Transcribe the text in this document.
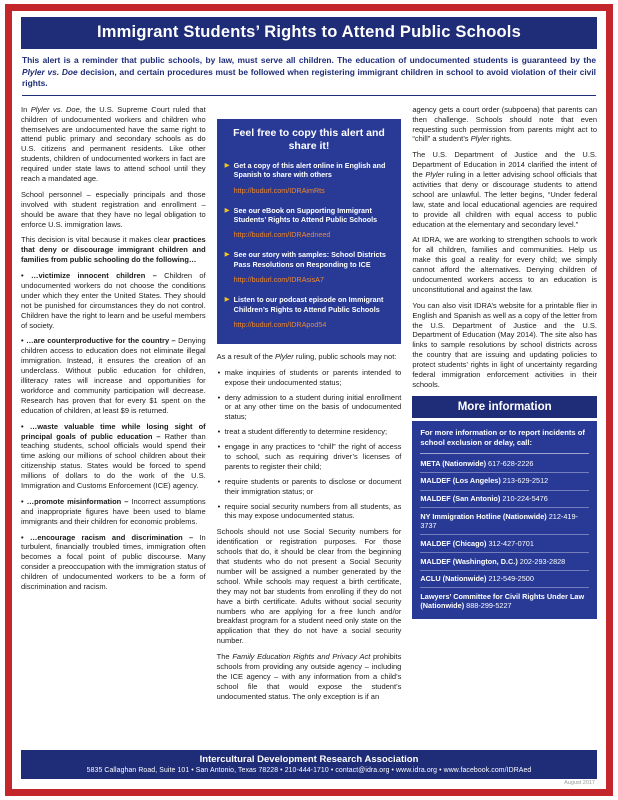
Immigrant Students’ Rights to Attend Public Schools

This alert is a reminder that public schools, by law, must serve all children. The education of undocumented students is guaranteed by the Plyler vs. Doe decision, and certain procedures must be followed when registering immigrant children in school to avoid violation of their civil rights.

In Plyler vs. Doe, the U.S. Supreme Court ruled that children of undocumented workers and children who themselves are undocumented have the same right to attend public primary and secondary schools as do U.S. citizens and permanent residents. Like other students, children of undocumented workers in fact are required under state laws to attend school until they reach a mandated age.

School personnel – especially principals and those involved with student registration and enrollment – should be aware that they have no legal obligation to enforce U.S. immigration laws.

This decision is vital because it makes clear practices that deny or discourage immigrant children and families from public schooling do the following…

• …victimize innocent children – Children of undocumented workers do not choose the conditions under which they enter the United States. They should not be punished for circumstances they do not control. Children have the right to learn and be useful members of society.

• …are counterproductive for the country – Denying children access to education does not eliminate illegal immigration. Instead, it ensures the creation of an underclass. Without public education for children, illiteracy rates will increase and opportunities for workforce and community participation will decrease. Research has proven that for every $1 spent on the education of children, at least $9 is returned.

• …waste valuable time while losing sight of principal goals of public education – Rather than teaching students, school officials would spend their time asking our millions of school children about their citizenship status. States would be forced to spend millions of dollars to do the work of the U.S. Immigration and Customs Enforcement (ICE) agency.

• …promote misinformation – Incorrect assumptions and inappropriate figures have been used to blame immigrants and their children for economic problems.

• …encourage racism and discrimination – In turbulent, financially troubled times, immigration often becomes a focal point of public discourse. Many consider a preoccupation with the immigration status of children of undocumented workers to be a form of discrimination and racism.

Feel free to copy this alert and share it!
▶ Get a copy of this alert online in English and Spanish to share with others
http://budurl.com/IDRAimRts
▶ See our eBook on Supporting Immigrant Students’ Rights to Attend Public Schools
http://budurl.com/IDRAedneed
▶ See our story with samples: School Districts Pass Resolutions on Responding to ICE
http://budurl.com/IDRAsisA7
▶ Listen to our podcast episode on Immigrant Children’s Rights to Attend Public Schools
http://budurl.com/IDRApod54

As a result of the Plyler ruling, public schools may not:

• make inquiries of students or parents intended to expose their undocumented status;
• deny admission to a student during initial enrollment or at any other time on the basis of undocumented status;
• treat a student differently to determine residency;
• engage in any practices to “chill” the right of access to school, such as requiring driver’s licenses of parents to register their child;
• require students or parents to disclose or document their immigration status; or
• require social security numbers from all students, as this may expose undocumented status.

Schools should not use Social Security numbers for identification or registration purposes. For those schools that do, it should be clear from the beginning that students who do not present a Social Security number will be assigned a number generated by the school. While schools may request a birth certificate, they may not bar students from enrolling if they do not have a birth certificate. Adults without social security numbers who are applying for a free lunch and/or breakfast program for a student need only state on the application that they do not have a social security number.

The Family Education Rights and Privacy Act prohibits schools from providing any outside agency – including the ICE agency – with any information from a child’s school file that would expose the student’s undocumented status. The only exception is if an

agency gets a court order (subpoena) that parents can then challenge. Schools should note that even requesting such permission from parents might act to “chill” a student’s Plyler rights.

The U.S. Department of Justice and the U.S. Department of Education in 2014 clarified the intent of the Plyler ruling in a letter advising school officials that activities that deny or discourage students to attend school are unlawful. The letter begins, “Under federal law, state and local educational agencies are required to provide all children with equal access to public education at the elementary and secondary level.”

At IDRA, we are working to strengthen schools to work for all children, families and communities. Help us make this goal a reality for every child; we simply cannot afford the alternatives. Denying children of undocumented workers access to an education is unconstitutional and against the law.

You can also visit IDRA’s website for a printable flier in English and Spanish as well as a copy of the letter from the U.S. Department of Justice and the U.S. Department of Education (May 2014). The site also has links to sample resolutions by school districts across the country that are issuing and updating policies to protect students’ rights in light of uncertainty regarding federal immigration enforcement activities in their schools.

More information
For more information or to report incidents of school exclusion or delay, call:
META (Nationwide) 617-628-2226
MALDEF (Los Angeles) 213-629-2512
MALDEF (San Antonio) 210-224-5476
NY Immigration Hotline (Nationwide) 212-419-3737
MALDEF (Chicago) 312-427-0701
MALDEF (Washington, D.C.) 202-293-2828
ACLU (Nationwide) 212-549-2500
Lawyers’ Committee for Civil Rights Under Law (Nationwide) 888-299-5227
Intercultural Development Research Association
5835 Callaghan Road, Suite 101 • San Antonio, Texas 78228 • 210-444-1710 • contact@idra.org • www.idra.org • www.facebook.com/IDRAed
August 2017
